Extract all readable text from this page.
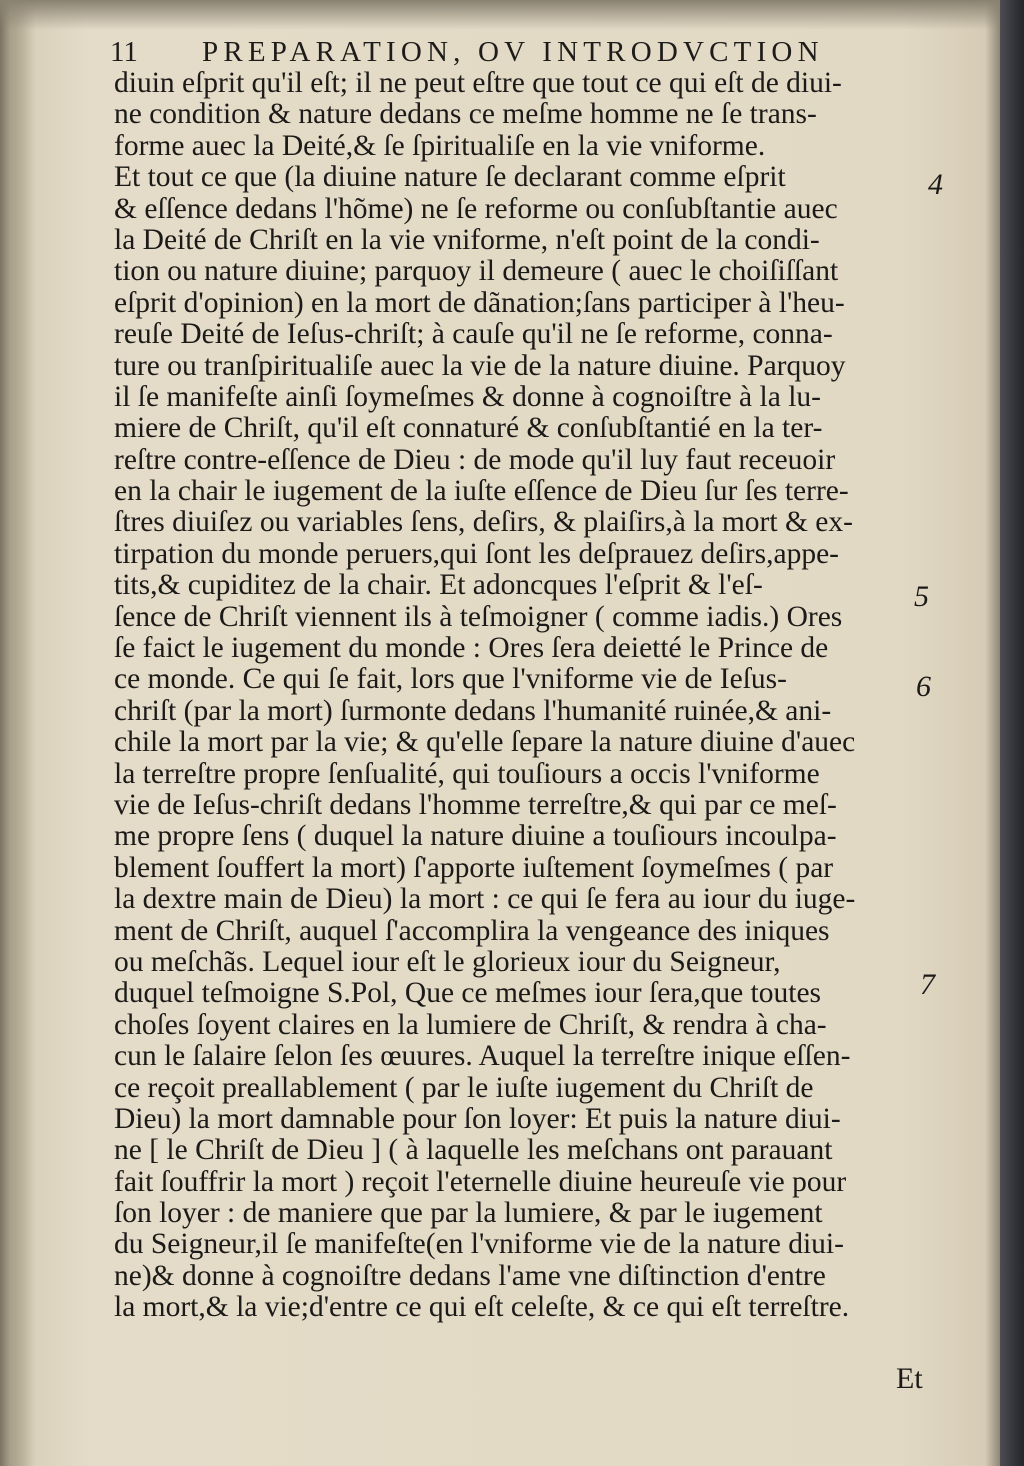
11 PREPARATION, OV INTRODVCTION
diuin eſprit qu'il eſt; il ne peut eſtre que tout ce qui eſt de diui-
ne condition & nature dedans ce meſme homme ne ſe trans-
forme auec la Deité,& ſe ſpiritualiſe en la vie vniforme.
Et tout ce que (la diuine nature ſe declarant comme eſprit
& eſſence dedans l'hõme) ne ſe reforme ou conſubſtantie auec
la Deité de Chriſt en la vie vniforme, n'eſt point de la condi-
tion ou nature diuine; parquoy il demeure ( auec le choiſiſſant
eſprit d'opinion) en la mort de dãnation;ſans participer à l'heu-
reuſe Deité de Ieſus-chriſt; à cauſe qu'il ne ſe reforme, conna-
ture ou tranſpiritualiſe auec la vie de la nature diuine. Parquoy
il ſe manifeſte ainſi ſoymeſmes & donne à cognoiſtre à la lu-
miere de Chriſt, qu'il eſt connaturé & conſubſtantié en la ter-
reſtre contre-eſſence de Dieu : de mode qu'il luy faut receuoir
en la chair le iugement de la iuſte eſſence de Dieu ſur ſes terre-
ſtres diuiſez ou variables ſens, deſirs, & plaiſirs,à la mort & ex-
tirpation du monde peruers,qui ſont les deſprauez deſirs,appe-
tits,& cupiditez de la chair. Et adoncques l'eſprit & l'eſ-
ſence de Chriſt viennent ils à teſmoigner ( comme iadis.) Ores
ſe faict le iugement du monde : Ores ſera deietté le Prince de
ce monde. Ce qui ſe fait, lors que l'vniforme vie de Ieſus-
chriſt (par la mort) ſurmonte dedans l'humanité ruinée,& ani-
chile la mort par la vie; & qu'elle ſepare la nature diuine d'auec
la terreſtre propre ſenſualité, qui touſiours a occis l'vniforme
vie de Ieſus-chriſt dedans l'homme terreſtre,& qui par ce meſ-
me propre ſens ( duquel la nature diuine a touſiours incoulpa-
blement ſouffert la mort) ſ'apporte iuſtement ſoymeſmes ( par
la dextre main de Dieu) la mort : ce qui ſe fera au iour du iuge-
ment de Chriſt, auquel ſ'accomplira la vengeance des iniques
ou meſchãs. Lequel iour eſt le glorieux iour du Seigneur,
duquel teſmoigne S.Pol, Que ce meſmes iour ſera,que toutes
choſes ſoyent claires en la lumiere de Chriſt, & rendra à cha-
cun le ſalaire ſelon ſes œuures. Auquel la terreſtre inique eſſen-
ce reçoit preallablement ( par le iuſte iugement du Chriſt de
Dieu) la mort damnable pour ſon loyer: Et puis la nature diui-
ne [ le Chriſt de Dieu ] ( à laquelle les meſchans ont parauant
fait ſouffrir la mort ) reçoit l'eternelle diuine heureuſe vie pour
ſon loyer : de maniere que par la lumiere, & par le iugement
du Seigneur,il ſe manifeſte(en l'vniforme vie de la nature diui-
ne)& donne à cognoiſtre dedans l'ame vne diſtinction d'entre
la mort,& la vie;d'entre ce qui eſt celeſte, & ce qui eſt terreſtre.
4
5
6
7
Et
